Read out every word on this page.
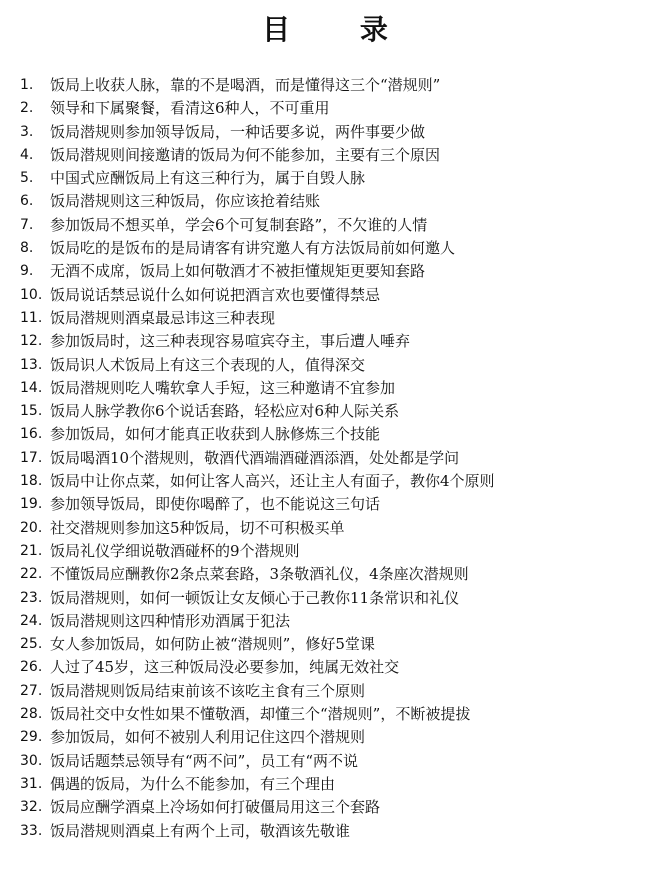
目 录
1.	饭局上收获人脉，靠的不是喝酒，而是懂得这三个“潜规则”
2.	领导和下属聚餐，看清这6种人，不可重用
3.	饭局潜规则参加领导饭局，一种话要多说，两件事要少做
4.	饭局潜规则间接邀请的饭局为何不能参加，主要有三个原因
5.	中国式应酬饭局上有这三种行为，属于自毁人脉
6.	饭局潜规则这三种饭局，你应该抢着结账
7.	参加饭局不想买单，学会6个可复制套路”，不欠谁的人情
8.	饭局吃的是饭布的是局请客有讲究邀人有方法饭局前如何邀人
9.	无酒不成席，饭局上如何敬酒才不被拒懂规矩更要知套路
10. 饭局说话禁忌说什么如何说把酒言欢也要懂得禁忌
11. 饭局潜规则酒桌最忌讳这三种表现
12. 参加饭局时，这三种表现容易喧宾夺主，事后遭人唾弃
13. 饭局识人术饭局上有这三个表现的人，值得深交
14. 饭局潜规则吃人嘴软拿人手短，这三种邀请不宜参加
15. 饭局人脉学教你6个说话套路，轻松应对6种人际关系
16. 参加饭局，如何才能真正收获到人脉修炼三个技能
17. 饭局喝酒10个潜规则，敬酒代酒端酒碰酒添酒，处处都是学问
18. 饭局中让你点菜，如何让客人高兴，还让主人有面子，教你4个原则
19. 参加领导饭局，即使你喝醉了，也不能说这三句话
20. 社交潜规则参加这5种饭局，切不可积极买单
21. 饭局礼仪学细说敬酒碰杯的9个潜规则
22. 不懂饭局应酬教你2条点菜套路，3条敬酒礼仪，4条座次潜规则
23. 饭局潜规则，如何一顿饭让女友倾心于己教你11条常识和礼仪
24. 饭局潜规则这四种情形劝酒属于犯法
25. 女人参加饭局，如何防止被“潜规则”，修好5堂课
26. 人过了45岁，这三种饭局没必要参加，纯属无效社交
27. 饭局潜规则饭局结束前该不该吃主食有三个原则
28. 饭局社交中女性如果不懂敬酒，却懂三个“潜规则”，不断被提拔
29. 参加饭局，如何不被别人利用记住这四个潜规则
30. 饭局话题禁忌领导有“两不问”，员工有“两不说
31. 偶遇的饭局，为什么不能参加，有三个理由
32. 饭局应酬学酒桌上冷场如何打破僵局用这三个套路
33. 饭局潜规则酒桌上有两个上司，敬酒该先敬谁
